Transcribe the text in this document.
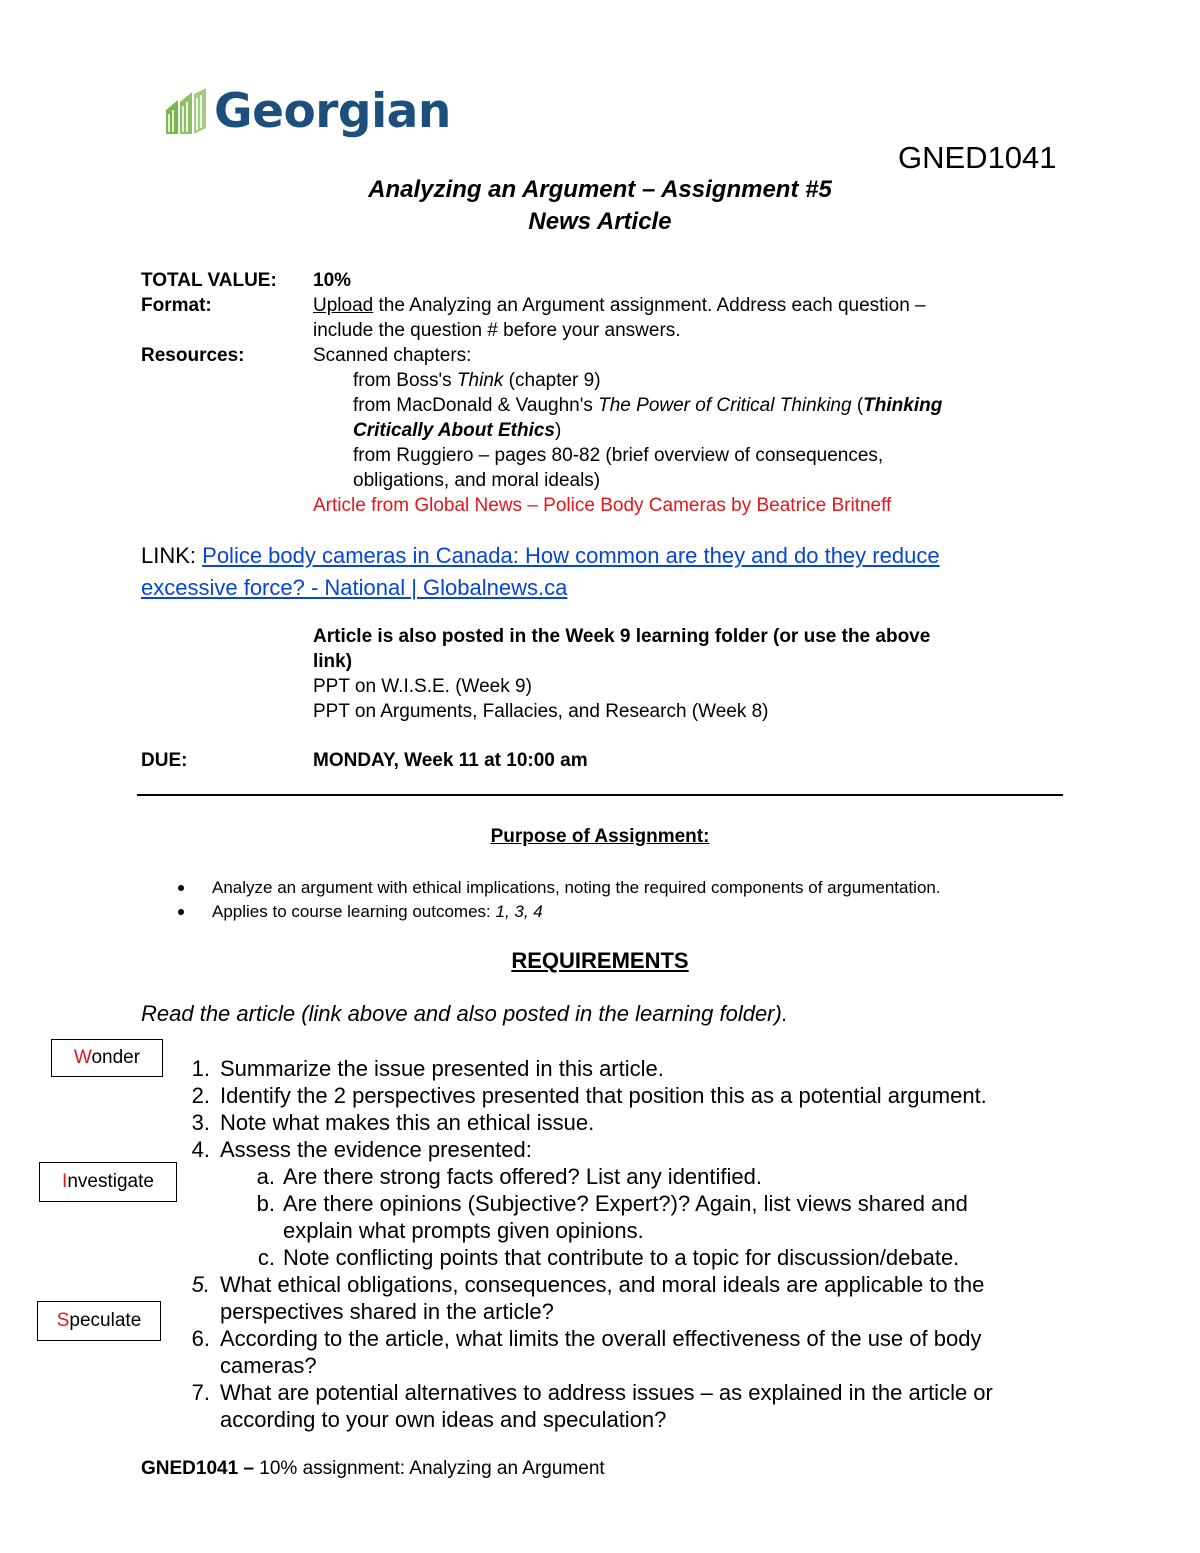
Georgian
GNED1041
Analyzing an Argument – Assignment #5
News Article
TOTAL VALUE: 10%
Format:	Upload the Analyzing an Argument assignment. Address each question –
include the question # before your answers.
Resources:	Scanned chapters:
from Boss's Think (chapter 9)
from MacDonald & Vaughn's The Power of Critical Thinking (Thinking
Critically About Ethics)
from Ruggiero – pages 80-82 (brief overview of consequences,
obligations, and moral ideals)
Article from Global News – Police Body Cameras by Beatrice Britneff
LINK: Police body cameras in Canada: How common are they and do they reduce
excessive force? - National | Globalnews.ca
Article is also posted in the Week 9 learning folder (or use the above
link)
PPT on W.I.S.E. (Week 9)
PPT on Arguments, Fallacies, and Research (Week 8)
DUE:	MONDAY, Week 11 at 10:00 am
Purpose of Assignment:
Analyze an argument with ethical implications, noting the required components of argumentation.
Applies to course learning outcomes: 1, 3, 4
REQUIREMENTS
Read the article (link above and also posted in the learning folder).
Wonder
Investigate
Speculate
1. Summarize the issue presented in this article.
2. Identify the 2 perspectives presented that position this as a potential argument.
3. Note what makes this an ethical issue.
4. Assess the evidence presented:
a. Are there strong facts offered? List any identified.
b. Are there opinions (Subjective? Expert?)? Again, list views shared and
explain what prompts given opinions.
c. Note conflicting points that contribute to a topic for discussion/debate.
5. What ethical obligations, consequences, and moral ideals are applicable to the
perspectives shared in the article?
6. According to the article, what limits the overall effectiveness of the use of body
cameras?
7. What are potential alternatives to address issues – as explained in the article or
according to your own ideas and speculation?
GNED1041 – 10% assignment: Analyzing an Argument
